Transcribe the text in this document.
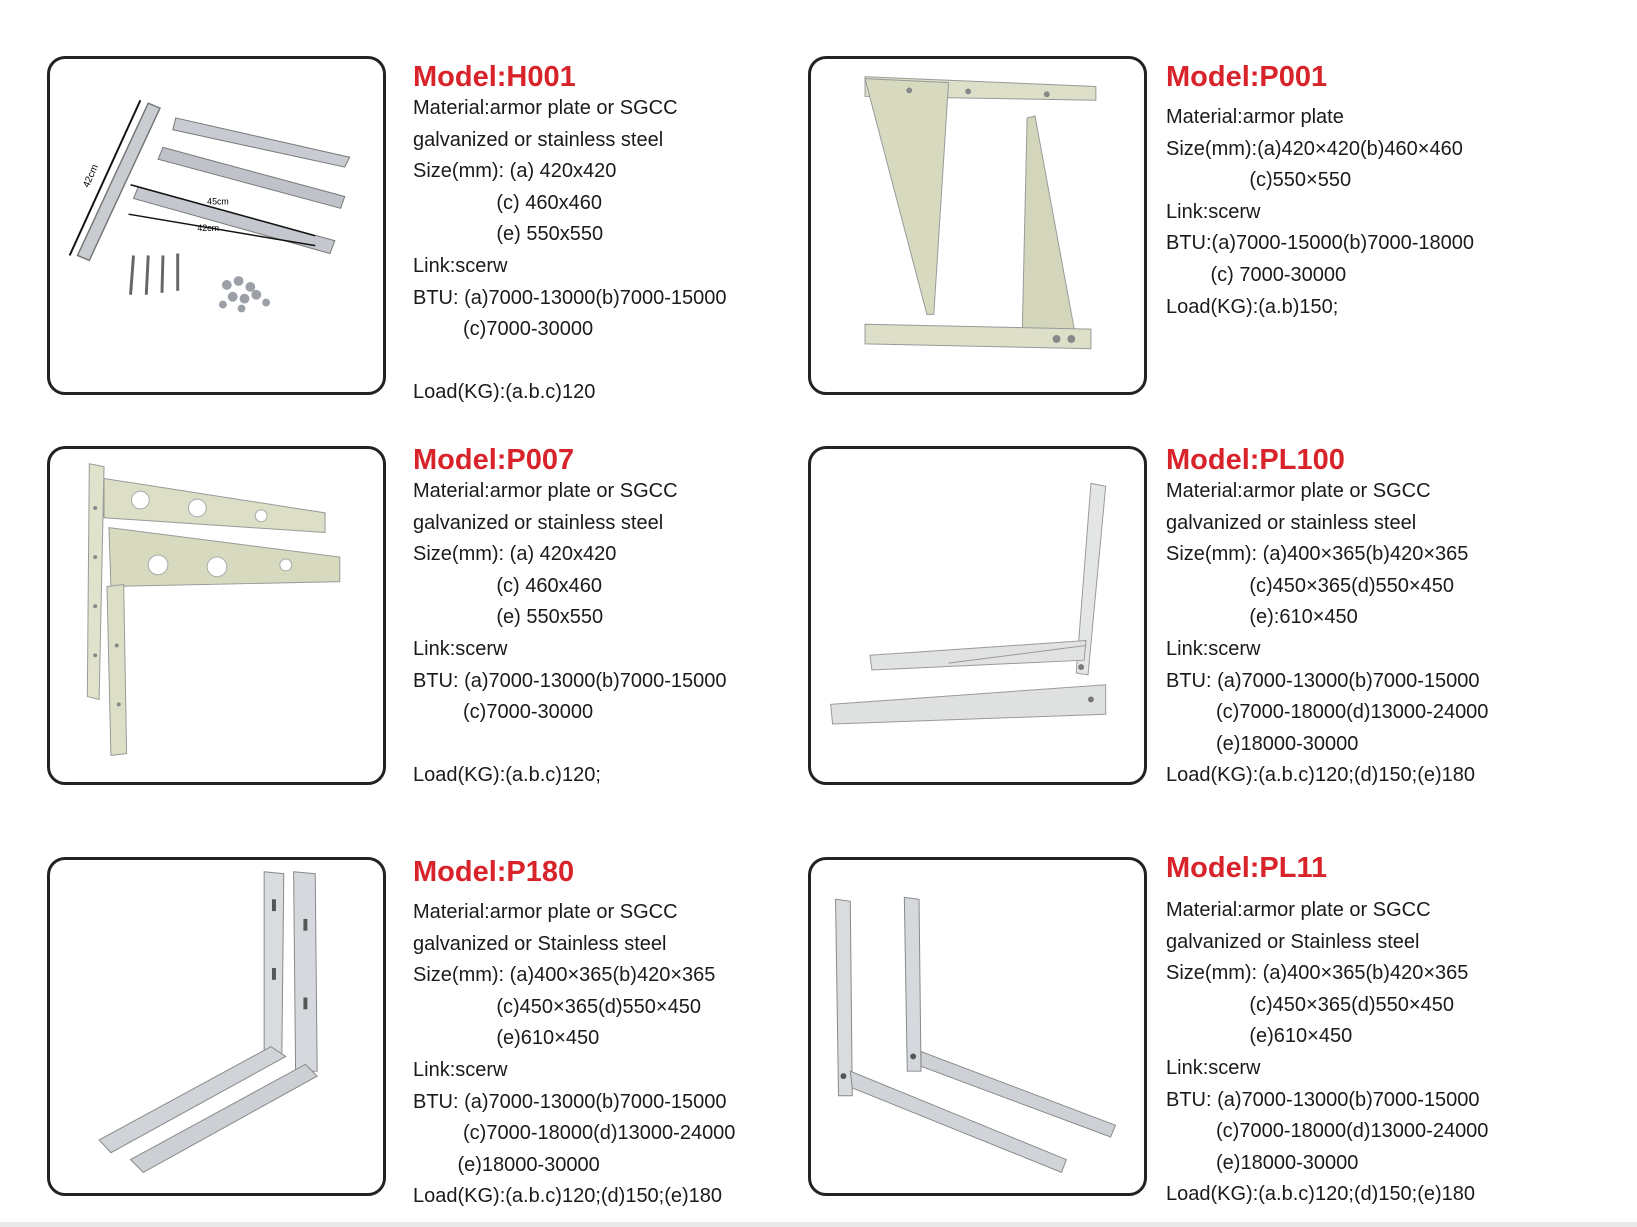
42cm
45cm
42cm
Model:H001
Material:armor plate or SGCC
galvanized or stainless steel
Size(mm): (a) 420x420
(c) 460x460
(e) 550x550
Link:scerw
BTU: (a)7000-13000(b)7000-15000
(c)7000-30000

Load(KG):(a.b.c)120
Model:P001
Material:armor plate
Size(mm):(a)420×420(b)460×460
(c)550×550
Link:scerw
BTU:(a)7000-15000(b)7000-18000
(c) 7000-30000
Load(KG):(a.b)150;
Model:P007
Material:armor plate or SGCC
galvanized or stainless steel
Size(mm): (a) 420x420
(c) 460x460
(e) 550x550
Link:scerw
BTU: (a)7000-13000(b)7000-15000
(c)7000-30000

Load(KG):(a.b.c)120;
Model:PL100
Material:armor plate or SGCC
galvanized or stainless steel
Size(mm): (a)400×365(b)420×365
(c)450×365(d)550×450
(e):610×450
Link:scerw
BTU: (a)7000-13000(b)7000-15000
(c)7000-18000(d)13000-24000
(e)18000-30000
Load(KG):(a.b.c)120;(d)150;(e)180
Model:P180
Material:armor plate or SGCC
galvanized or Stainless steel
Size(mm): (a)400×365(b)420×365
(c)450×365(d)550×450
(e)610×450
Link:scerw
BTU: (a)7000-13000(b)7000-15000
(c)7000-18000(d)13000-24000
(e)18000-30000
Load(KG):(a.b.c)120;(d)150;(e)180
Model:PL11
Material:armor plate or SGCC
galvanized or Stainless steel
Size(mm): (a)400×365(b)420×365
(c)450×365(d)550×450
(e)610×450
Link:scerw
BTU: (a)7000-13000(b)7000-15000
(c)7000-18000(d)13000-24000
(e)18000-30000
Load(KG):(a.b.c)120;(d)150;(e)180
